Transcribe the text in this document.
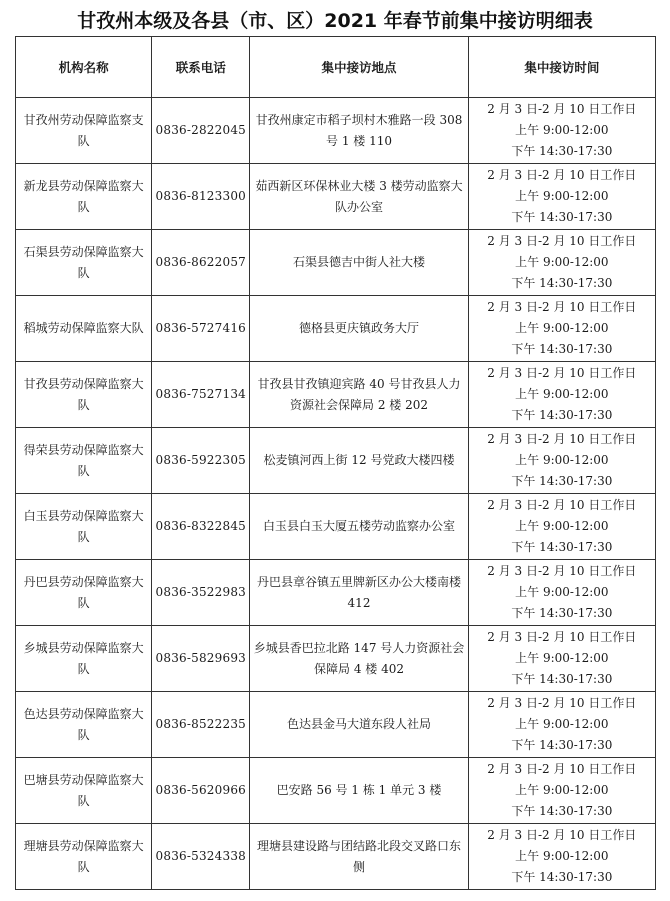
甘孜州本级及各县（市、区）2021 年春节前集中接访明细表
机构名称	联系电话	集中接访地点	集中接访时间
甘孜州劳动保障监察支队	0836-2822045	甘孜州康定市稻子坝村木雅路一段 308 号 1 楼 110	2 月 3 日-2 月 10 日工作日
上午 9:00-12:00
下午 14:30-17:30

新龙县劳动保障监察大队	0836-8123300	茹西新区环保林业大楼 3 楼劳动监察大队办公室	2 月 3 日-2 月 10 日工作日
上午 9:00-12:00
下午 14:30-17:30

石渠县劳动保障监察大队	0836-8622057	石渠县德吉中街人社大楼	2 月 3 日-2 月 10 日工作日
上午 9:00-12:00
下午 14:30-17:30

稻城劳动保障监察大队	0836-5727416	德格县更庆镇政务大厅	2 月 3 日-2 月 10 日工作日
上午 9:00-12:00
下午 14:30-17:30

甘孜县劳动保障监察大队	0836-7527134	甘孜县甘孜镇迎宾路 40 号甘孜县人力资源社会保障局 2 楼 202	2 月 3 日-2 月 10 日工作日
上午 9:00-12:00
下午 14:30-17:30

得荣县劳动保障监察大队	0836-5922305	松麦镇河西上街 12 号党政大楼四楼	2 月 3 日-2 月 10 日工作日
上午 9:00-12:00
下午 14:30-17:30

白玉县劳动保障监察大队	0836-8322845	白玉县白玉大厦五楼劳动监察办公室	2 月 3 日-2 月 10 日工作日
上午 9:00-12:00
下午 14:30-17:30

丹巴县劳动保障监察大队	0836-3522983	丹巴县章谷镇五里牌新区办公大楼南楼 412	2 月 3 日-2 月 10 日工作日
上午 9:00-12:00
下午 14:30-17:30

乡城县劳动保障监察大队	0836-5829693	乡城县香巴拉北路 147 号人力资源社会保障局 4 楼 402	2 月 3 日-2 月 10 日工作日
上午 9:00-12:00
下午 14:30-17:30

色达县劳动保障监察大队	0836-8522235	色达县金马大道东段人社局	2 月 3 日-2 月 10 日工作日
上午 9:00-12:00
下午 14:30-17:30

巴塘县劳动保障监察大队	0836-5620966	巴安路 56 号 1 栋 1 单元 3 楼	2 月 3 日-2 月 10 日工作日
上午 9:00-12:00
下午 14:30-17:30

理塘县劳动保障监察大队	0836-5324338	理塘县建设路与团结路北段交叉路口东侧	2 月 3 日-2 月 10 日工作日
上午 9:00-12:00
下午 14:30-17:30
